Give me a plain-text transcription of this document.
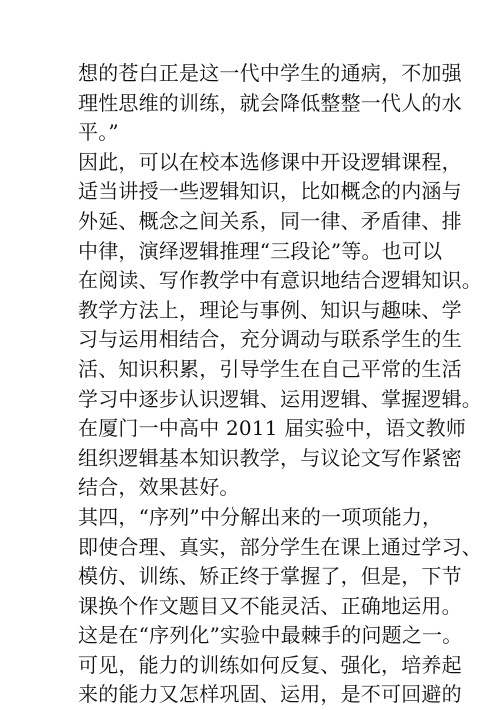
想的苍白正是这一代中学生的通病，不加强
理性思维的训练，就会降低整整一代人的水
平。”
因此，可以在校本选修课中开设逻辑课程，
适当讲授一些逻辑知识，比如概念的内涵与
外延、概念之间关系，同一律、矛盾律、排
中律，演绎逻辑推理“三段论”等。也可以
在阅读、写作教学中有意识地结合逻辑知识。
教学方法上，理论与事例、知识与趣味、学
习与运用相结合，充分调动与联系学生的生
活、知识积累，引导学生在自己平常的生活
学习中逐步认识逻辑、运用逻辑、掌握逻辑。
在厦门一中高中 2011 届实验中，语文教师
组织逻辑基本知识教学，与议论文写作紧密
结合，效果甚好。
其四，“序列”中分解出来的一项项能力，
即使合理、真实，部分学生在课上通过学习、
模仿、训练、矫正终于掌握了，但是，下节
课换个作文题目又不能灵活、正确地运用。
这是在“序列化”实验中最棘手的问题之一。
可见，能力的训练如何反复、强化，培养起
来的能力又怎样巩固、运用，是不可回避的
